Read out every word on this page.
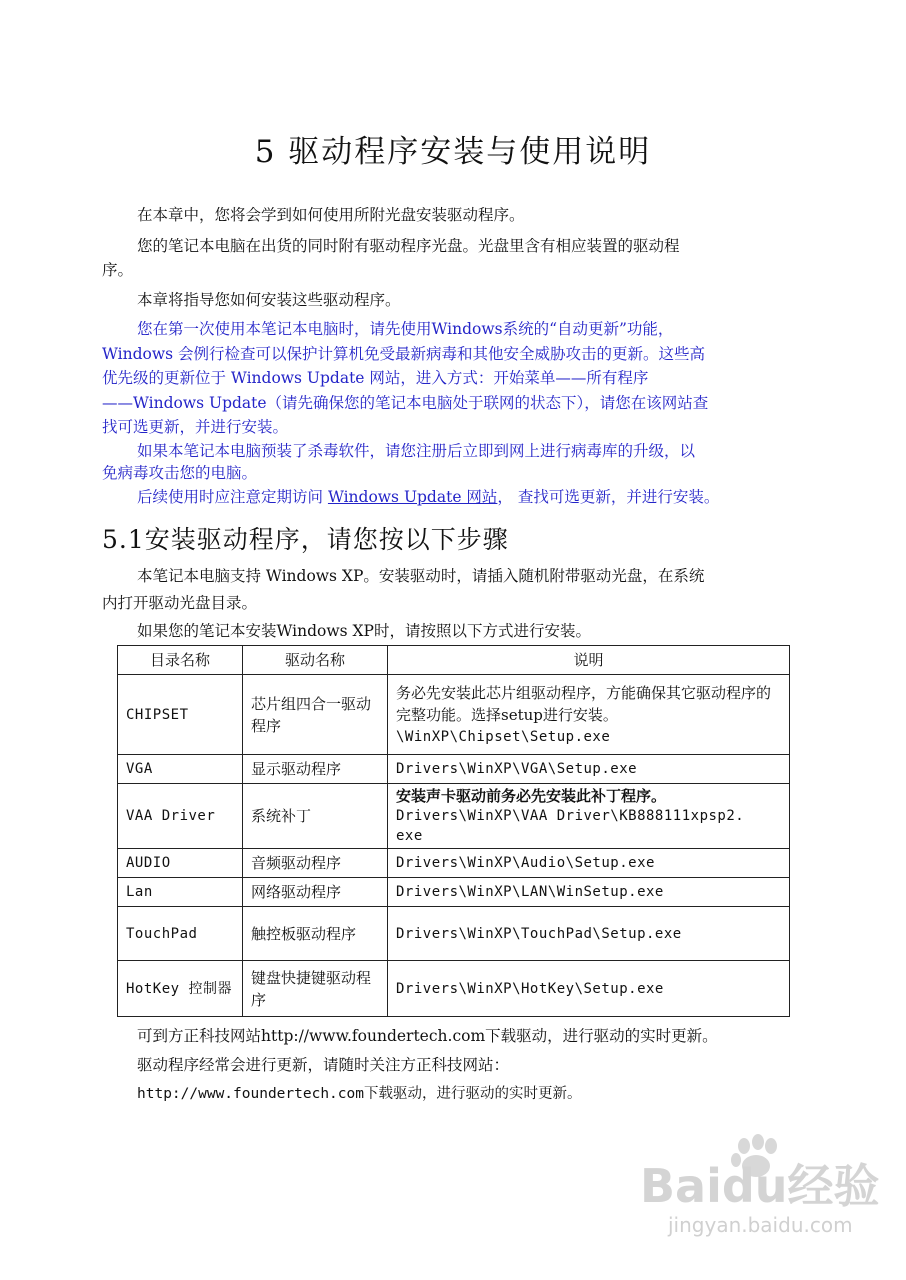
5 驱动程序安装与使用说明

在本章中，您将会学到如何使用所附光盘安装驱动程序。

您的笔记本电脑在出货的同时附有驱动程序光盘。光盘里含有相应装置的驱动程

序。

本章将指导您如何安装这些驱动程序。

您在第一次使用本笔记本电脑时，请先使用Windows系统的“自动更新”功能，

Windows 会例行检查可以保护计算机免受最新病毒和其他安全威胁攻击的更新。这些高

优先级的更新位于 Windows Update 网站，进入方式：开始菜单——所有程序

——Windows Update（请先确保您的笔记本电脑处于联网的状态下），请您在该网站查

找可选更新，并进行安装。

如果本笔记本电脑预装了杀毒软件，请您注册后立即到网上进行病毒库的升级，以

免病毒攻击您的电脑。

后续使用时应注意定期访问 Windows Update 网站， 查找可选更新，并进行安装。

5.1安装驱动程序，请您按以下步骤

本笔记本电脑支持 Windows XP。安装驱动时，请插入随机附带驱动光盘，在系统

内打开驱动光盘目录。

如果您的笔记本安装Windows XP时，请按照以下方式进行安装。

目录名称	驱动名称	说明
CHIPSET	芯片组四合一驱动程序	务必先安装此芯片组驱动程序，方能确保其它驱动程序的完整功能。选择setup进行安装。
\WinXP\Chipset\Setup.exe

VGA	显示驱动程序	Drivers\WinXP\VGA\Setup.exe

VAA Driver	系统补丁	安装声卡驱动前务必先安装此补丁程序。
Drivers\WinXP\VAA Driver\KB888111xpsp2.
exe

AUDIO	音频驱动程序	Drivers\WinXP\Audio\Setup.exe

Lan	网络驱动程序	Drivers\WinXP\LAN\WinSetup.exe

TouchPad	触控板驱动程序	Drivers\WinXP\TouchPad\Setup.exe

HotKey 控制器	键盘快捷键驱动程序	Drivers\WinXP\HotKey\Setup.exe

可到方正科技网站http://www.foundertech.com下载驱动，进行驱动的实时更新。

驱动程序经常会进行更新，请随时关注方正科技网站：

http://www.foundertech.com下载驱动，进行驱动的实时更新。

Baidu经验
jingyan.baidu.com
